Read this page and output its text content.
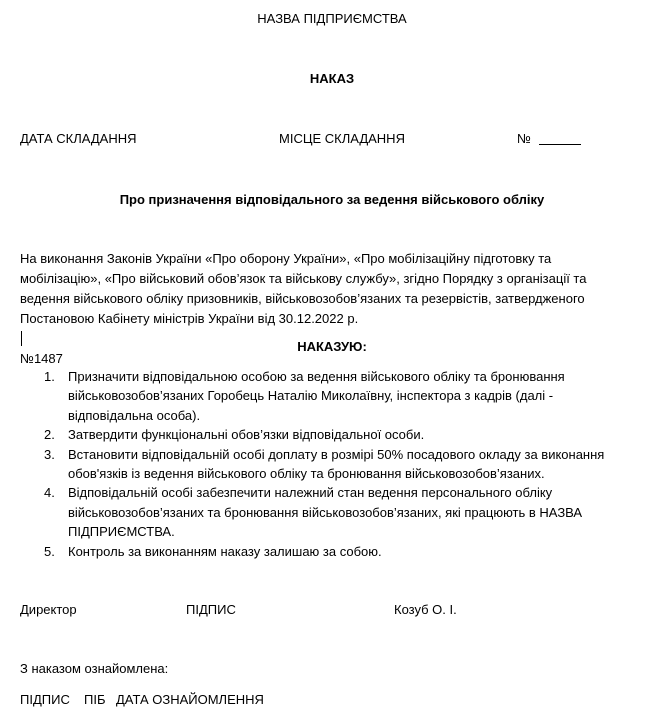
НАЗВА ПІДПРИЄМСТВА
НАКАЗ
ДАТА СКЛАДАННЯ	МІСЦЕ СКЛАДАННЯ	№
Про призначення відповідального за ведення військового обліку
На виконання Законів України «Про оборону України», «Про мобілізаційну підготовку та
мобілізацію», «Про військовий обов’язок та військову службу», згідно Порядку з організації та
ведення військового обліку призовників, військовозобов’язаних та резервістів, затвердженого
Постановою Кабінету міністрів України від 30.12.2022 р.
№1487
НАКАЗУЮ:
1. Призначити відповідальною особою за ведення військового обліку та бронювання
військовозобов’язаних Горобець Наталію Миколаївну, інспектора з кадрів (далі -
відповідальна особа).
2. Затвердити функціональні обов’язки відповідальної особи.
3. Встановити відповідальній особі доплату в розмірі 50% посадового окладу за виконання
обов'язків із ведення військового обліку та бронювання військовозобов’язаних.
4. Відповідальній особі забезпечити належний стан ведення персонального обліку
військовозобов’язаних та бронювання військовозобов’язаних, які працюють в НАЗВА
ПІДПРИЄМСТВА.
5. Контроль за виконанням наказу залишаю за собою.
Директор	ПІДПИС	Козуб О. І.
З наказом ознайомлена:
ПІДПИС ПІБ ДАТА ОЗНАЙОМЛЕННЯ
